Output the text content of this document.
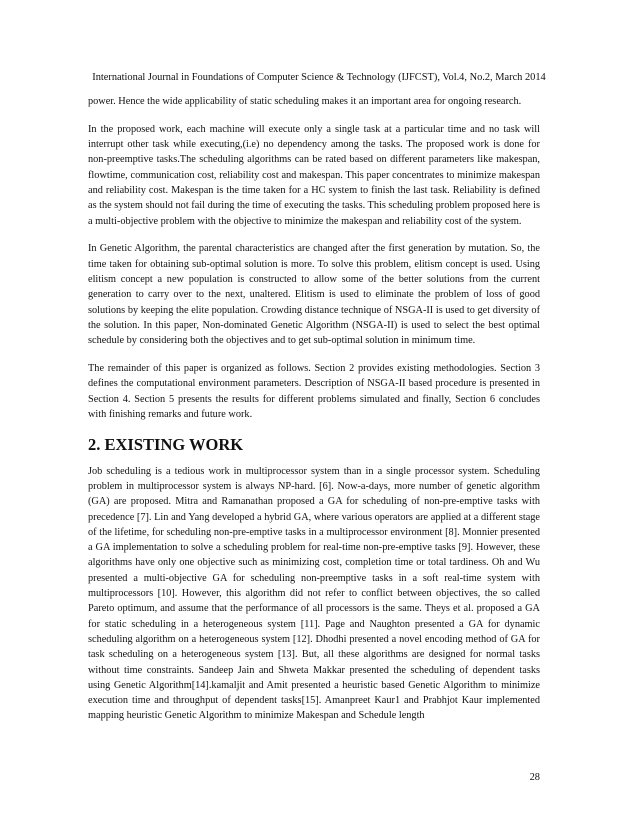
International Journal in Foundations of Computer Science & Technology (IJFCST), Vol.4, No.2, March 2014

power. Hence the wide applicability of static scheduling makes it an important area for ongoing research.

In the proposed work, each machine will execute only a single task at a particular time and no task will interrupt other task while executing,(i.e) no dependency among the tasks. The proposed work is done for non-preemptive tasks.The scheduling algorithms can be rated based on different parameters like makespan, flowtime, communication cost, reliability cost and makespan. This paper concentrates to minimize makespan and reliability cost. Makespan is the time taken for a HC system to finish the last task. Reliability is defined as the system should not fail during the time of executing the tasks. This scheduling problem proposed here is a multi-objective problem with the objective to minimize the makespan and reliability cost of the system.

In Genetic Algorithm, the parental characteristics are changed after the first generation by mutation. So, the time taken for obtaining sub-optimal solution is more. To solve this problem, elitism concept is used. Using elitism concept a new population is constructed to allow some of the better solutions from the current generation to carry over to the next, unaltered. Elitism is used to eliminate the problem of loss of good solutions by keeping the elite population. Crowding distance technique of NSGA-II is used to get diversity of the solution. In this paper, Non-dominated Genetic Algorithm (NSGA-II) is used to select the best optimal schedule by considering both the objectives and to get sub-optimal solution in minimum time.

The remainder of this paper is organized as follows. Section 2 provides existing methodologies. Section 3 defines the computational environment parameters. Description of NSGA-II based procedure is presented in Section 4. Section 5 presents the results for different problems simulated and finally, Section 6 concludes with finishing remarks and future work.

2. EXISTING WORK

Job scheduling is a tedious work in multiprocessor system than in a single processor system. Scheduling problem in multiprocessor system is always NP-hard. [6]. Now-a-days, more number of genetic algorithm (GA) are proposed. Mitra and Ramanathan proposed a GA for scheduling of non-pre-emptive tasks with precedence [7]. Lin and Yang developed a hybrid GA, where various operators are applied at a different stage of the lifetime, for scheduling non-pre-emptive tasks in a multiprocessor environment [8]. Monnier presented a GA implementation to solve a scheduling problem for real-time non-pre-emptive tasks [9]. However, these algorithms have only one objective such as minimizing cost, completion time or total tardiness. Oh and Wu presented a multi-objective GA for scheduling non-preemptive tasks in a soft real-time system with multiprocessors [10]. However, this algorithm did not refer to conflict between objectives, the so called Pareto optimum, and assume that the performance of all processors is the same. Theys et al. proposed a GA for static scheduling in a heterogeneous system [11]. Page and Naughton presented a GA for dynamic scheduling algorithm on a heterogeneous system [12]. Dhodhi presented a novel encoding method of GA for task scheduling on a heterogeneous system [13]. But, all these algorithms are designed for normal tasks without time constraints. Sandeep Jain and Shweta Makkar presented the scheduling of dependent tasks using Genetic Algorithm[14].kamaljit and Amit presented a heuristic based Genetic Algorithm to minimize execution time and throughput of dependent tasks[15]. Amanpreet Kaur1 and Prabhjot Kaur implemented mapping heuristic Genetic Algorithm to minimize Makespan and Schedule length

28
